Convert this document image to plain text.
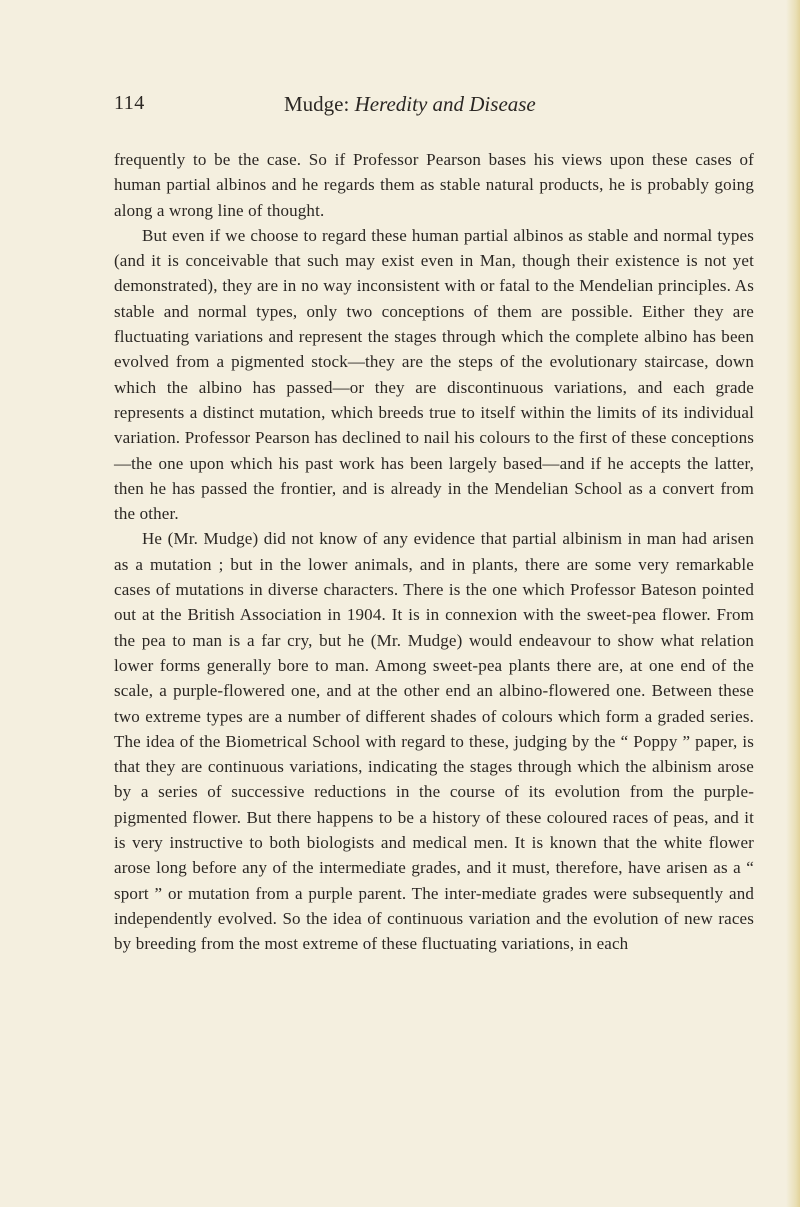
114	Mudge: Heredity and Disease

frequently to be the case. So if Professor Pearson bases his views upon these cases of human partial albinos and he regards them as stable natural products, he is probably going along a wrong line of thought.

But even if we choose to regard these human partial albinos as stable and normal types (and it is conceivable that such may exist even in Man, though their existence is not yet demonstrated), they are in no way inconsistent with or fatal to the Mendelian principles. As stable and normal types, only two conceptions of them are possible. Either they are fluctuating variations and represent the stages through which the complete albino has been evolved from a pigmented stock—they are the steps of the evolutionary staircase, down which the albino has passed—or they are discontinuous variations, and each grade represents a distinct mutation, which breeds true to itself within the limits of its individual variation. Professor Pearson has declined to nail his colours to the first of these conceptions—the one upon which his past work has been largely based—and if he accepts the latter, then he has passed the frontier, and is already in the Mendelian School as a convert from the other.

He (Mr. Mudge) did not know of any evidence that partial albinism in man had arisen as a mutation ; but in the lower animals, and in plants, there are some very remarkable cases of mutations in diverse characters. There is the one which Professor Bateson pointed out at the British Association in 1904. It is in connexion with the sweet-pea flower. From the pea to man is a far cry, but he (Mr. Mudge) would endeavour to show what relation lower forms generally bore to man. Among sweet-pea plants there are, at one end of the scale, a purple-flowered one, and at the other end an albino-flowered one. Between these two extreme types are a number of different shades of colours which form a graded series. The idea of the Biometrical School with regard to these, judging by the “ Poppy ” paper, is that they are continuous variations, indicating the stages through which the albinism arose by a series of successive reductions in the course of its evolution from the purple-pigmented flower. But there happens to be a history of these coloured races of peas, and it is very instructive to both biologists and medical men. It is known that the white flower arose long before any of the intermediate grades, and it must, therefore, have arisen as a “ sport ” or mutation from a purple parent. The inter-mediate grades were subsequently and independently evolved. So the idea of continuous variation and the evolution of new races by breeding from the most extreme of these fluctuating variations, in each
